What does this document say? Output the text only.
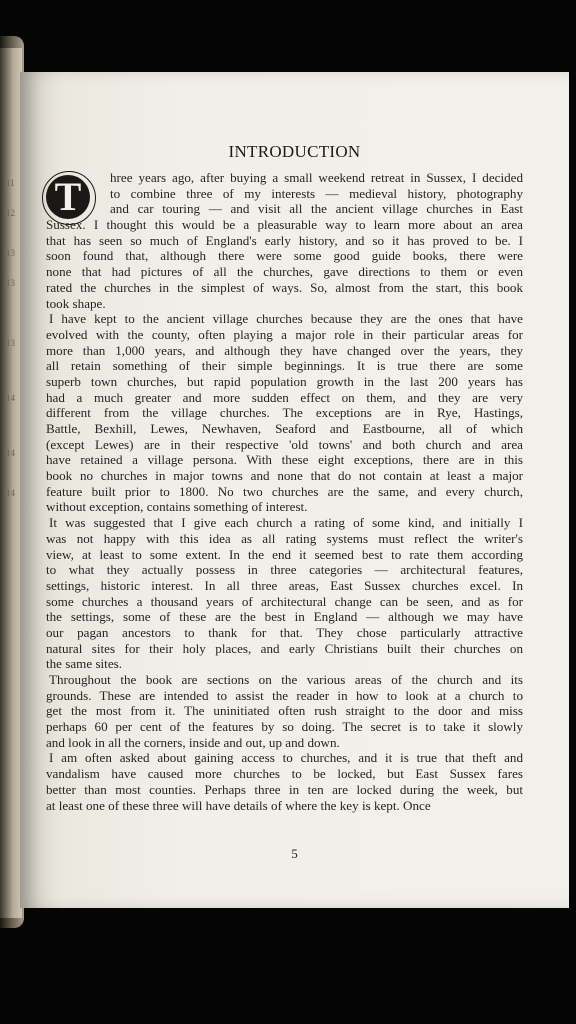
11
12
13
13
13
14
14
14
INTRODUCTION
T	hree years ago, after buying a small weekend retreat in Sussex, I decided
to combine three of my interests — medieval history, photography
and car touring — and visit all the ancient village churches in East
Sussex. I thought this would be a pleasurable way to learn more about an area
that has seen so much of England's early history, and so it has proved to be. I
soon found that, although there were some good guide books, there were
none that had pictures of all the churches, gave directions to them or even
rated the churches in the simplest of ways. So, almost from the start, this book
took shape.
I have kept to the ancient village churches because they are the ones that have
evolved with the county, often playing a major role in their particular areas for
more than 1,000 years, and although they have changed over the years, they
all retain something of their simple beginnings. It is true there are some
superb town churches, but rapid population growth in the last 200 years has
had a much greater and more sudden effect on them, and they are very
different from the village churches. The exceptions are in Rye, Hastings,
Battle, Bexhill, Lewes, Newhaven, Seaford and Eastbourne, all of which
(except Lewes) are in their respective 'old towns' and both church and area
have retained a village persona. With these eight exceptions, there are in this
book no churches in major towns and none that do not contain at least a major
feature built prior to 1800. No two churches are the same, and every church,
without exception, contains something of interest.
It was suggested that I give each church a rating of some kind, and initially I
was not happy with this idea as all rating systems must reflect the writer's
view, at least to some extent. In the end it seemed best to rate them according
to what they actually possess in three categories — architectural features,
settings, historic interest. In all three areas, East Sussex churches excel. In
some churches a thousand years of architectural change can be seen, and as for
the settings, some of these are the best in England — although we may have
our pagan ancestors to thank for that. They chose particularly attractive
natural sites for their holy places, and early Christians built their churches on
the same sites.
Throughout the book are sections on the various areas of the church and its
grounds. These are intended to assist the reader in how to look at a church to
get the most from it. The uninitiated often rush straight to the door and miss
perhaps 60 per cent of the features by so doing. The secret is to take it slowly
and look in all the corners, inside and out, up and down.
I am often asked about gaining access to churches, and it is true that theft and
vandalism have caused more churches to be locked, but East Sussex fares
better than most counties. Perhaps three in ten are locked during the week, but
at least one of these three will have details of where the key is kept. Once
5
